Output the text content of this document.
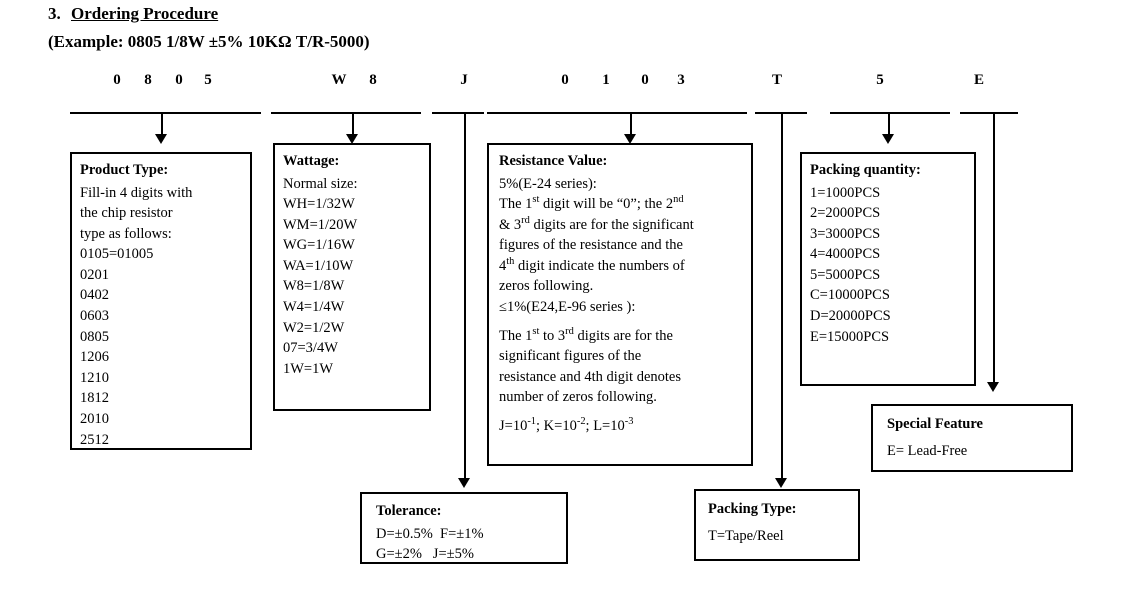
3. Ordering Procedure
(Example: 0805 1/8W ±5% 10KΩ T/R-5000)
0	8	0	5	W	8	J	0	1	0	3	T	5	E
Product Type:
Fill-in 4 digits with
the chip resistor
type as follows:
0105=01005
0201
0402
0603
0805
1206
1210
1812
2010
2512
Wattage:
Normal size:
WH=1/32W
WM=1/20W
WG=1/16W
WA=1/10W
W8=1/8W
W4=1/4W
W2=1/2W
07=3/4W
1W=1W
Resistance Value:
5%(E-24 series):
The 1st digit will be “0”; the 2nd
& 3rd digits are for the significant
figures of the resistance and the
4th digit indicate the numbers of
zeros following.
≤1%(E24,E-96 series ):
The 1st to 3rd digits are for the
significant figures of the
resistance and 4th digit denotes
number of zeros following.
$J=10^{-1}$; $K=10^{-2}$; $L=10^{-3}$
Packing quantity:
1=1000PCS
2=2000PCS
3=3000PCS
4=4000PCS
5=5000PCS
C=10000PCS
D=20000PCS
E=15000PCS
Special Feature
E= Lead-Free
Tolerance:
D=±0.5%  F=±1%
G=±2%   J=±5%
Packing Type:
T=Tape/Reel
